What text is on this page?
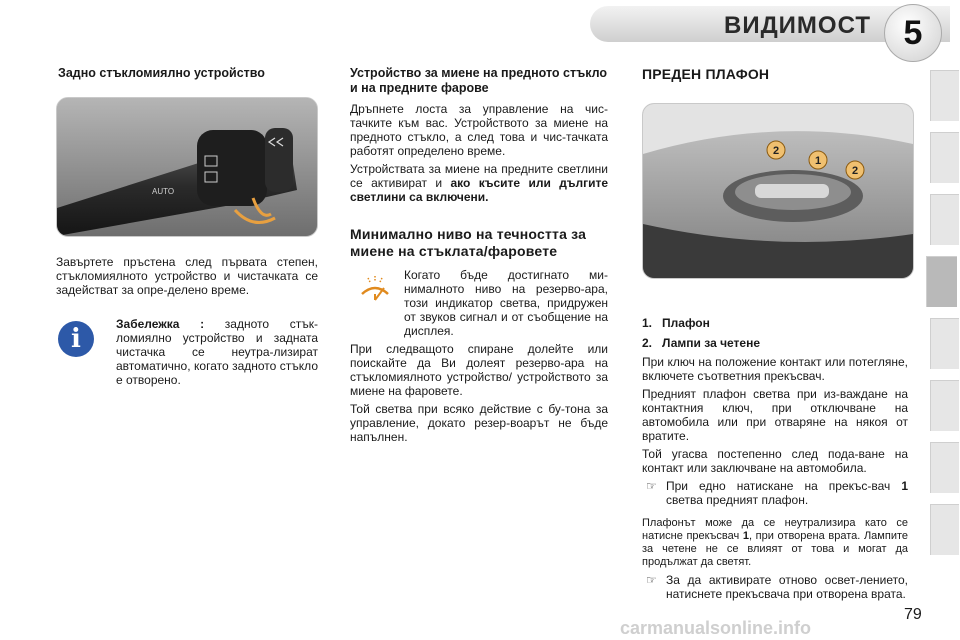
ВИДИМОСТ 5
Задно стъкломиялно устройство
AUTO

Завъртете пръстена след първата степен, стъкломиялното устройство и чистачката се задействат за опре-делено време.

i	Забележка : задното стък-ломиялно устройство и задната чистачка се неутра-лизират автоматично, когато задното стъкло е отворено.

Устройство за миене на предното стъкло и на предните фарове

Дръпнете лоста за управление на чис-тачките към вас. Устройството за миене на предното стъкло, а след това и чис-тачката работят определено време.

Устройствата за миене на предните светлини се активират и ако късите или дългите светлини са включени.

Минимално ниво на течността за миене на стъклата/фаровете

Когато бъде достигнато ми-нималното ниво на резерво-ара, този индикатор светва, придружен от звуков сигнал и от съобщение на дисплея.

При следващото спиране долейте или поискайте да Ви долеят резерво-ара на стъкломиялното устройство/ устройството за миене на фаровете.

Той светва при всяко действие с бу-тона за управление, докато резер-воарът не бъде напълнен.

ПРЕДЕН ПЛАФОН
2
1
2
1. Плафон
2. Лампи за четене

При ключ на положение контакт или потегляне, включете съответния прекъсвач.

Предният плафон светва при из-важдане на контактния ключ, при отключване на автомобила или при отваряне на някоя от вратите.

Той угасва постепенно след пода-ване на контакт или заключване на автомобила.

☞ При едно натискане на прекъс-вач 1 светва предният плафон.

Плафонът може да се неутрализира като се натисне прекъсвач 1, при отворена врата. Лампите за четене не се влияят от това и могат да продължат да светят.

☞ За да активирате отново освет-лението, натиснете прекъсвача при отворена врата.

carmanualsonline.info
79
